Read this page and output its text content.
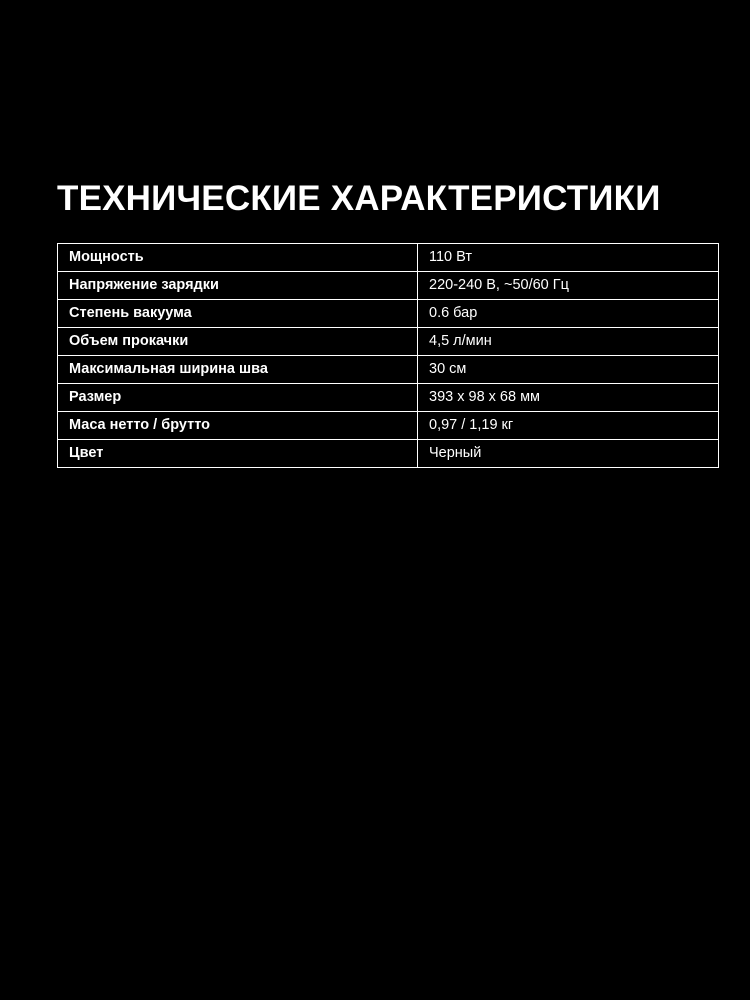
ТЕХНИЧЕСКИЕ ХАРАКТЕРИСТИКИ
Мощность	110 Вт
Напряжение зарядки	220-240 В, ~50/60 Гц
Степень вакуума	0.6 бар
Объем прокачки	4,5 л/мин
Максимальная ширина шва	30 см
Размер	393 x 98 x 68 мм
Маса нетто / брутто	0,97 / 1,19 кг
Цвет	Черный
